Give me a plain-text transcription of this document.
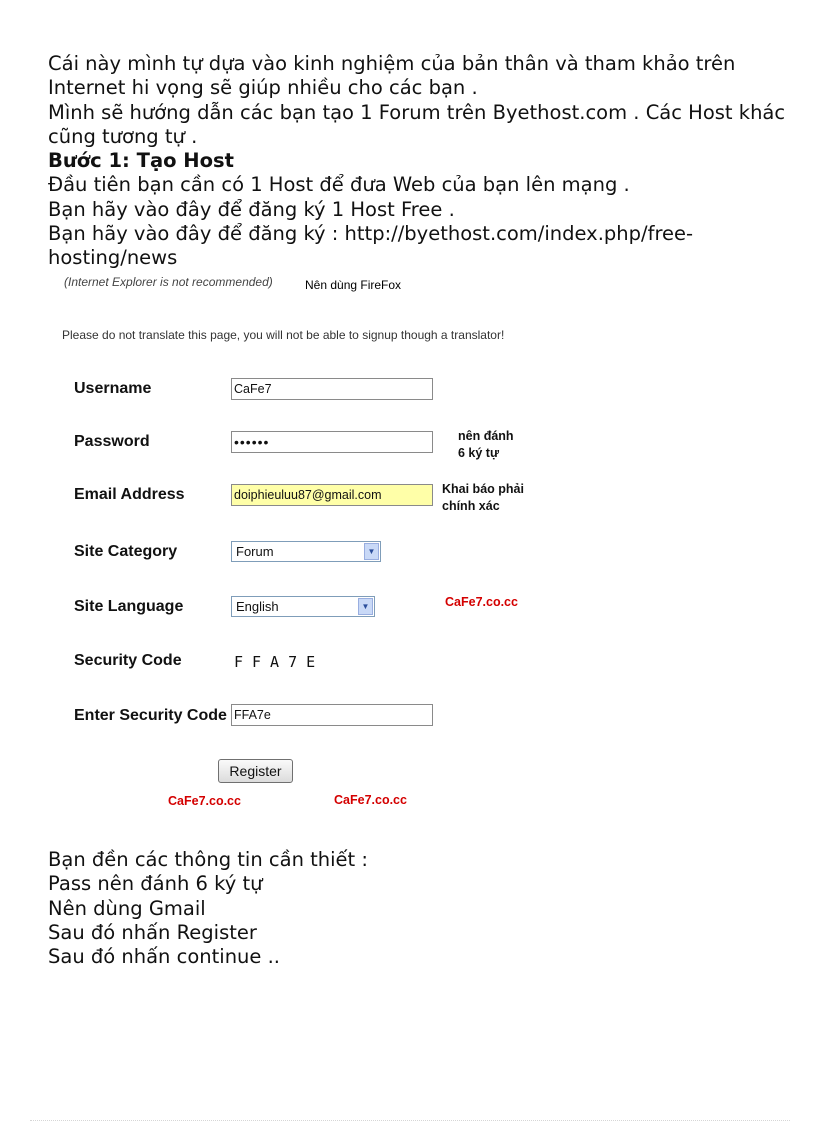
Cái này mình tự dựa vào kinh nghiệm của bản thân và tham khảo trên
Internet hi vọng sẽ giúp nhiều cho các bạn .
Mình sẽ hướng dẫn các bạn tạo 1 Forum trên Byethost.com . Các Host khác
cũng tương tự .
Bước 1: Tạo Host
Đầu tiên bạn cần có 1 Host để đưa Web của bạn lên mạng .
Bạn hãy vào đây để đăng ký 1 Host Free .
Bạn hãy vào đây để đăng ký : http://byethost.com/index.php/free-
hosting/news
(Internet Explorer is not recommended)	Nên dùng FireFox
Please do not translate this page, you will not be able to signup though a translator!
Username	CaFe7
Password	••••••	nên đánh
6 ký tự
Email Address	doiphieuluu87@gmail.com	Khai báo phải
chính xác
Site Category	Forum	▼
Site Language	English	▼	CaFe7.co.cc
Security Code	FFA7E
Enter Security Code FFA7e
Register
CaFe7.co.cc	CaFe7.co.cc
Bạn đền các thông tin cần thiết :
Pass nên đánh 6 ký tự
Nên dùng Gmail
Sau đó nhấn Register
Sau đó nhấn continue ..
